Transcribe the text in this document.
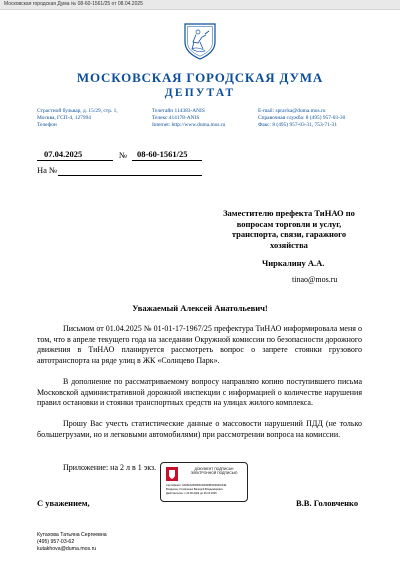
Московская городская Дума № 08-60-1561/25 от 08.04.2025
МОСКОВСКАЯ ГОРОДСКАЯ ДУМА
ДЕПУТАТ
Страстной бульвар, д. 15/29, стр. 1,
Москва, ГСП-4, 127994
Телефон
Телетайп 114383-ANIS
Телекс 414178-ANIS
Internet: http://www.duma.mos.ru
E-mail: spravka@duma.mos.ru
Справочная служба: 8 (495) 957-03-30
Факс: 8 (495) 957-03-31, 753-71-31
07.04.2025	№ 08-60-1561/25
На №
Заместителю префекта ТиНАО по вопросам торговли и услуг, транспорта, связи, гаражного хозяйства
Чиркалину А.А.
tinao@mos.ru
Уважаемый Алексей Анатольевич!
Письмом от 01.04.2025 № 01-01-17-1967/25 префектура ТиНАО информировала меня о том, что в апреле текущего года на заседании Окружной комиссии по безопасности дорожного движения в ТиНАО планируется рассмотреть вопрос о запрете стоянки грузового автотранспорта на ряде улиц в ЖК «Солнцево Парк».
В дополнение по рассматриваемому вопросу направляю копию поступившего письма Московской административной дорожной инспекции с информацией о количестве нарушения правил остановки и стоянки транспортных средств на улицах жилого комплекса.
Прошу Вас учесть статистические данные о массовости нарушений ПДД (не только большегрузами, но и легковыми автомобилями) при рассмотрении вопроса на комиссии.
Приложение: на 2 л в 1 экз.
С уважением,	В.В. Головченко
ДОКУМЕНТ ПОДПИСАН ЭЛЕКТРОННОЙ ПОДПИСЬЮ
Сертификат: 0А00FA0000БF2D0090B100000C04E
Владелец: Головченко Валерий Владимирович
Действителен: с 24.06.2024 до 09.10.2025
Кутахова Татьяна Сергеевна
(495) 957-03-62
kutakhova@duma.mos.ru
